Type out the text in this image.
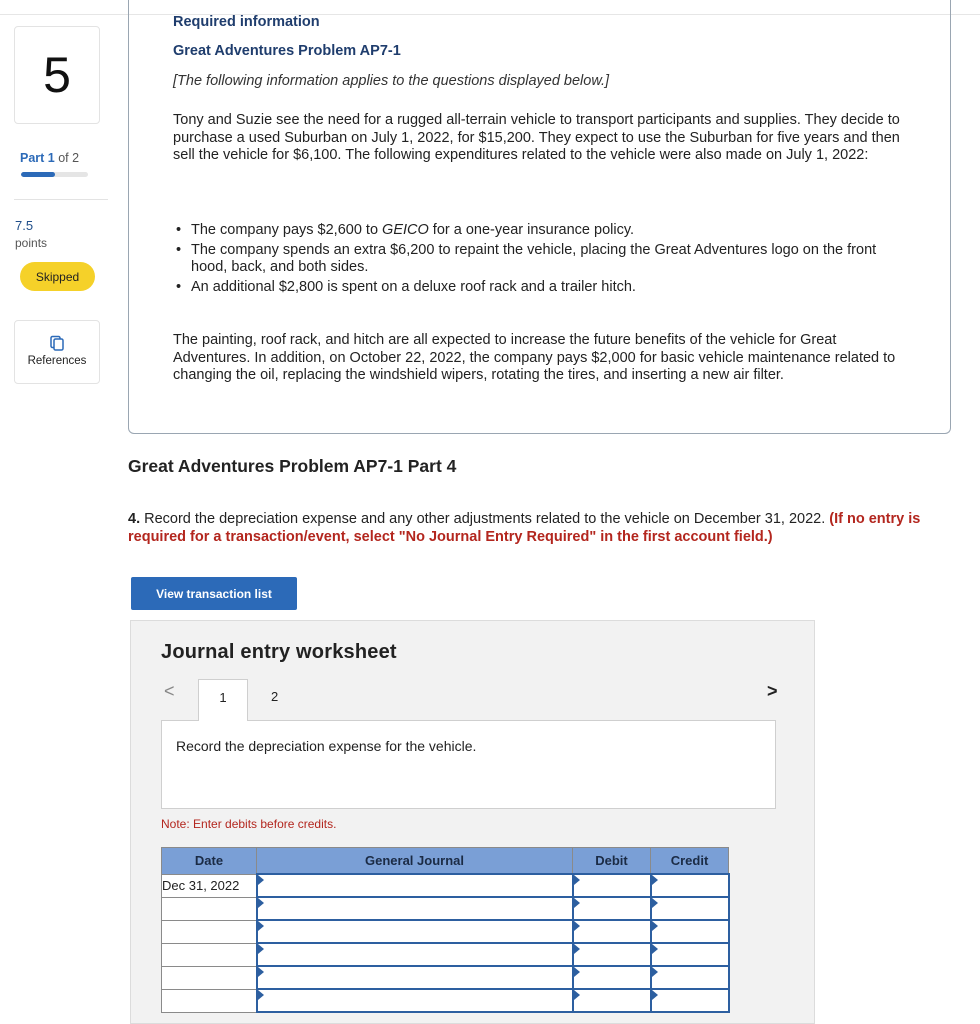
5
Part 1 of 2
7.5
points
Skipped
References
Required information
Great Adventures Problem AP7-1
[The following information applies to the questions displayed below.]

Tony and Suzie see the need for a rugged all-terrain vehicle to transport participants and supplies. They decide to purchase a used Suburban on July 1, 2022, for $15,200. They expect to use the Suburban for five years and then sell the vehicle for $6,100. The following expenditures related to the vehicle were also made on July 1, 2022:

• The company pays $2,600 to GEICO for a one-year insurance policy.
• The company spends an extra $6,200 to repaint the vehicle, placing the Great Adventures logo on the front hood, back, and both sides.
• An additional $2,800 is spent on a deluxe roof rack and a trailer hitch.

The painting, roof rack, and hitch are all expected to increase the future benefits of the vehicle for Great Adventures. In addition, on October 22, 2022, the company pays $2,000 for basic vehicle maintenance related to changing the oil, replacing the windshield wipers, rotating the tires, and inserting a new air filter.

Great Adventures Problem AP7-1 Part 4

4. Record the depreciation expense and any other adjustments related to the vehicle on December 31, 2022. (If no entry is required for a transaction/event, select "No Journal Entry Required" in the first account field.)

View transaction list
Journal entry worksheet
<	1	2	>
Record the depreciation expense for the vehicle.
Note: Enter debits before credits.
Date	General Journal	Debit	Credit
Dec 31, 2022			
